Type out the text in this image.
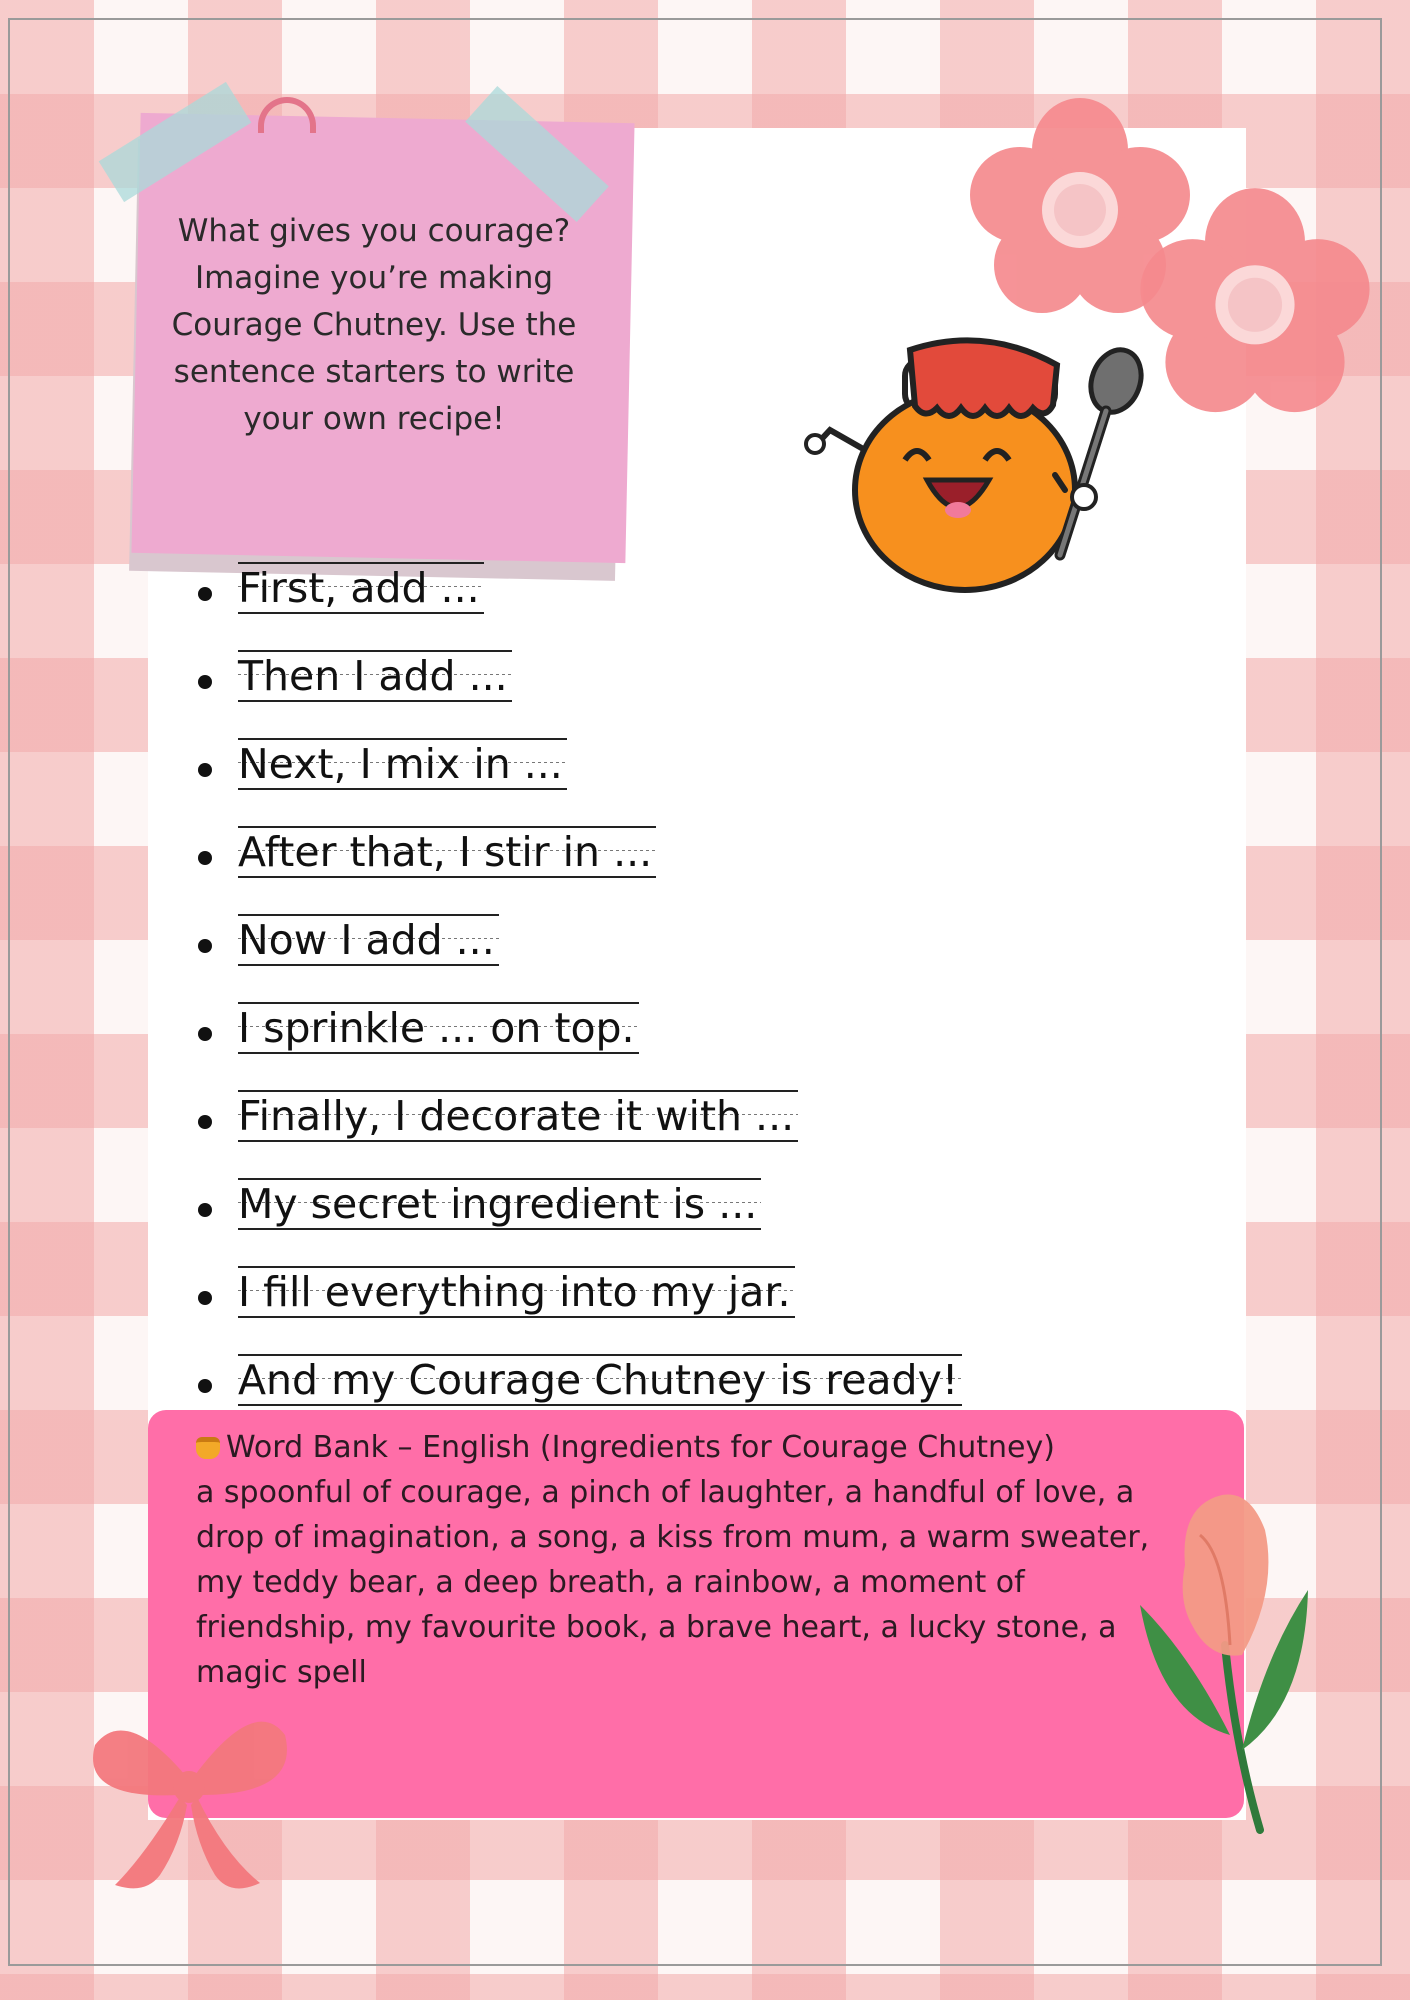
What gives you courage? Imagine you’re making Courage Chutney. Use the sentence starters to write your own recipe!

First, add ...
Then I add ...
Next, I mix in ...
After that, I stir in ...
Now I add ...
I sprinkle ... on top.
Finally, I decorate it with ...
My secret ingredient is ...
I fill everything into my jar.
And my Courage Chutney is ready!

Word Bank – English (Ingredients for Courage Chutney)
a spoonful of courage, a pinch of laughter, a handful of love, a drop of imagination, a song, a kiss from mum, a warm sweater, my teddy bear, a deep breath, a rainbow, a moment of friendship, my favourite book, a brave heart, a lucky stone, a magic spell
